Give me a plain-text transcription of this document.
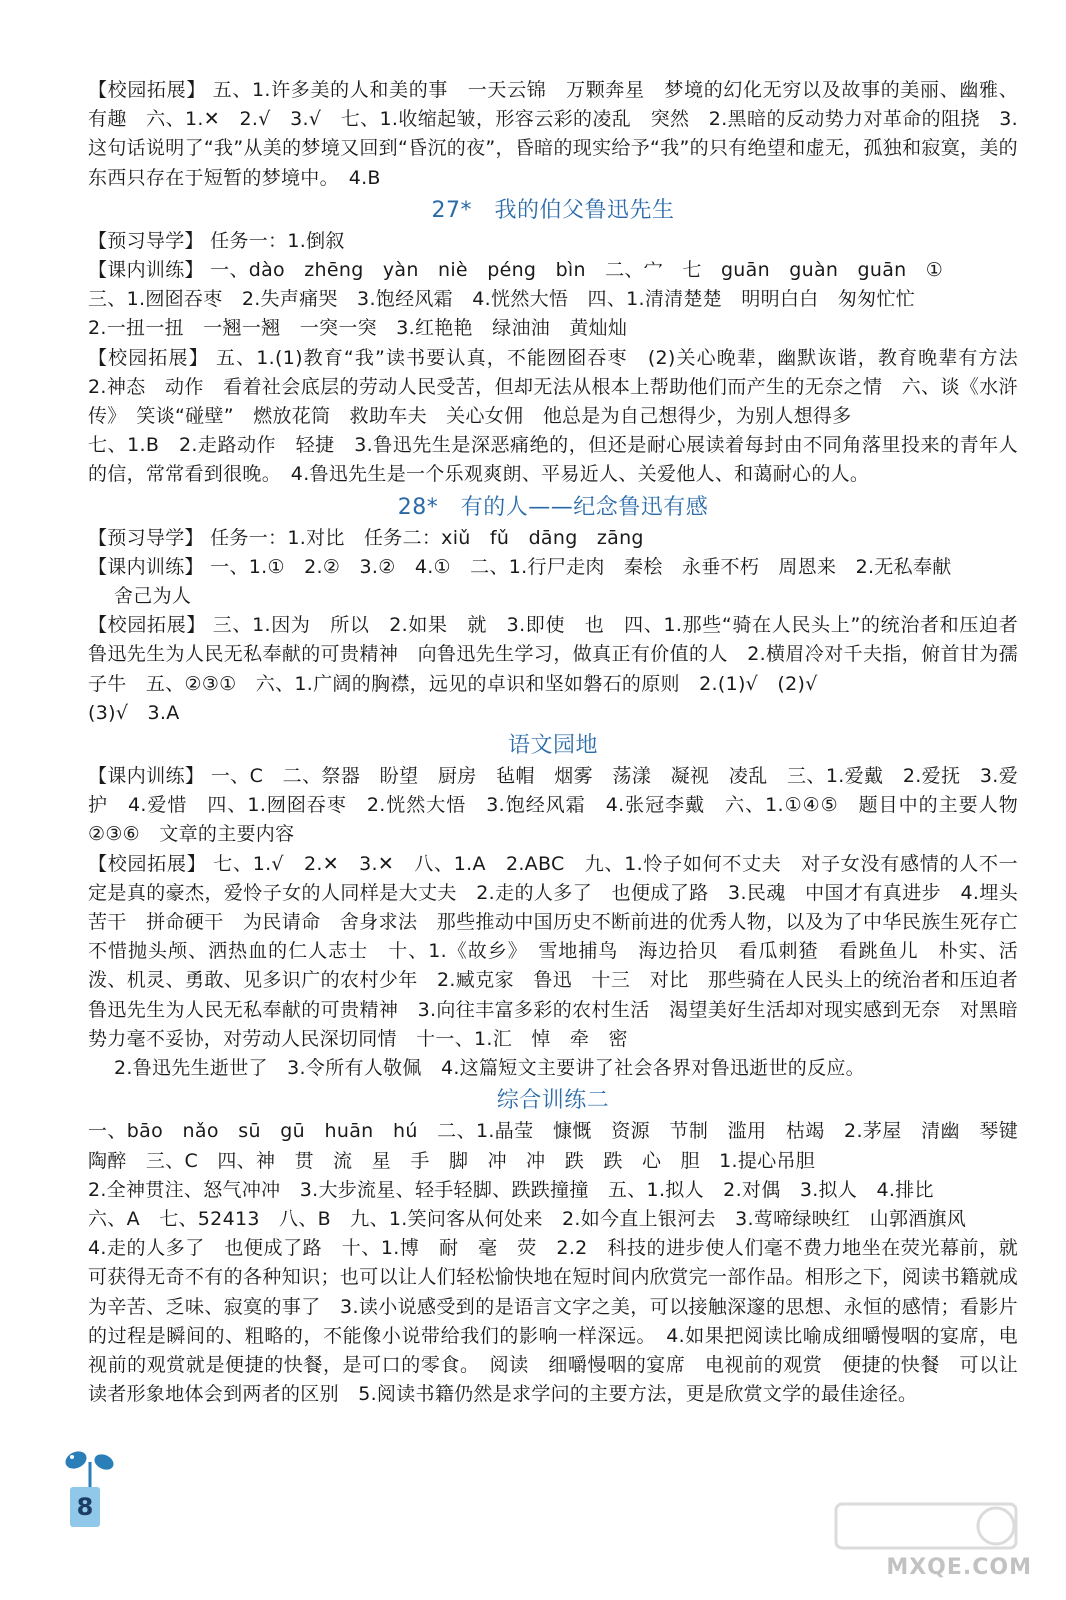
【校园拓展】 五、1.许多美的人和美的事　一天云锦　万颗奔星　梦境的幻化无穷以及故事的美丽、幽雅、有趣　六、1.✕　2.√　3.√　七、1.收缩起皱，形容云彩的凌乱　突然　2.黑暗的反动势力对革命的阻挠　3.这句话说明了“我”从美的梦境又回到“昏沉的夜”，昏暗的现实给予“我”的只有绝望和虚无，孤独和寂寞，美的东西只存在于短暂的梦境中。　4.B

27*　我的伯父鲁迅先生

【预习导学】 任务一：1.倒叙

【课内训练】 一、dào　zhēng　yàn　niè　péng　bìn　二、宀　七　guān　guàn　guān　①

三、1.囫囵吞枣　2.失声痛哭　3.饱经风霜　4.恍然大悟　四、1.清清楚楚　明明白白　匆匆忙忙

2.一扭一扭　一翘一翘　一突一突　3.红艳艳　绿油油　黄灿灿

【校园拓展】 五、1.(1)教育“我”读书要认真，不能囫囵吞枣　(2)关心晚辈，幽默诙谐，教育晚辈有方法　2.神态　动作　看着社会底层的劳动人民受苦，但却无法从根本上帮助他们而产生的无奈之情　六、谈《水浒传》　笑谈“碰壁”　燃放花筒　救助车夫　关心女佣　他总是为自己想得少，为别人想得多

七、1.B　2.走路动作　轻捷　3.鲁迅先生是深恶痛绝的，但还是耐心展读着每封由不同角落里投来的青年人的信，常常看到很晚。　4.鲁迅先生是一个乐观爽朗、平易近人、关爱他人、和蔼耐心的人。

28*　有的人——纪念鲁迅有感

【预习导学】 任务一：1.对比　任务二：xiǔ　fǔ　dāng　zāng

【课内训练】 一、1.①　2.②　3.②　4.①　二、1.行尸走肉　秦桧　永垂不朽　周恩来　2.无私奉献

舍己为人

【校园拓展】 三、1.因为　所以　2.如果　就　3.即使　也　四、1.那些“骑在人民头上”的统治者和压迫者　鲁迅先生为人民无私奉献的可贵精神　向鲁迅先生学习，做真正有价值的人　2.横眉冷对千夫指，俯首甘为孺子牛　五、②③①　六、1.广阔的胸襟，远见的卓识和坚如磐石的原则　2.(1)√　(2)√

(3)√　3.A

语文园地

【课内训练】 一、C　二、祭器　盼望　厨房　毡帽　烟雾　荡漾　凝视　凌乱　三、1.爱戴　2.爱抚　3.爱护　4.爱惜　四、1.囫囵吞枣　2.恍然大悟　3.饱经风霜　4.张冠李戴　六、1.①④⑤　题目中的主要人物　②③⑥　文章的主要内容

【校园拓展】 七、1.√　2.✕　3.✕　八、1.A　2.ABC　九、1.怜子如何不丈夫　对子女没有感情的人不一定是真的豪杰，爱怜子女的人同样是大丈夫　2.走的人多了　也便成了路　3.民魂　中国才有真进步　4.埋头苦干　拼命硬干　为民请命　舍身求法　那些推动中国历史不断前进的优秀人物，以及为了中华民族生死存亡不惜抛头颅、洒热血的仁人志士　十、1.《故乡》　雪地捕鸟　海边拾贝　看瓜刺猹　看跳鱼儿　朴实、活泼、机灵、勇敢、见多识广的农村少年　2.臧克家　鲁迅　十三　对比　那些骑在人民头上的统治者和压迫者　鲁迅先生为人民无私奉献的可贵精神　3.向往丰富多彩的农村生活　渴望美好生活却对现实感到无奈　对黑暗势力毫不妥协，对劳动人民深切同情　十一、1.汇　悼　牵　密

2.鲁迅先生逝世了　3.令所有人敬佩　4.这篇短文主要讲了社会各界对鲁迅逝世的反应。

综合训练二

一、bāo　nǎo　sū　gū　huān　hú　二、1.晶莹　慷慨　资源　节制　滥用　枯竭　2.茅屋　清幽　琴键　陶醉　三、C　四、神　贯　流　星　手　脚　冲　冲　跌　跌　心　胆　1.提心吊胆

2.全神贯注、怒气冲冲　3.大步流星、轻手轻脚、跌跌撞撞　五、1.拟人　2.对偶　3.拟人　4.排比

六、A　七、52413　八、B　九、1.笑问客从何处来　2.如今直上银河去　3.莺啼绿映红　山郭酒旗风

4.走的人多了　也便成了路　十、1.博　耐　毫　荧　2.2　科技的进步使人们毫不费力地坐在荧光幕前，就可获得无奇不有的各种知识；也可以让人们轻松愉快地在短时间内欣赏完一部作品。相形之下，阅读书籍就成为辛苦、乏味、寂寞的事了　3.读小说感受到的是语言文字之美，可以接触深邃的思想、永恒的感情；看影片的过程是瞬间的、粗略的，不能像小说带给我们的影响一样深远。　4.如果把阅读比喻成细嚼慢咽的宴席，电视前的观赏就是便捷的快餐，是可口的零食。　阅读　细嚼慢咽的宴席　电视前的观赏　便捷的快餐　可以让读者形象地体会到两者的区别　5.阅读书籍仍然是求学问的主要方法，更是欣赏文学的最佳途径。

8
MXQE.COM
